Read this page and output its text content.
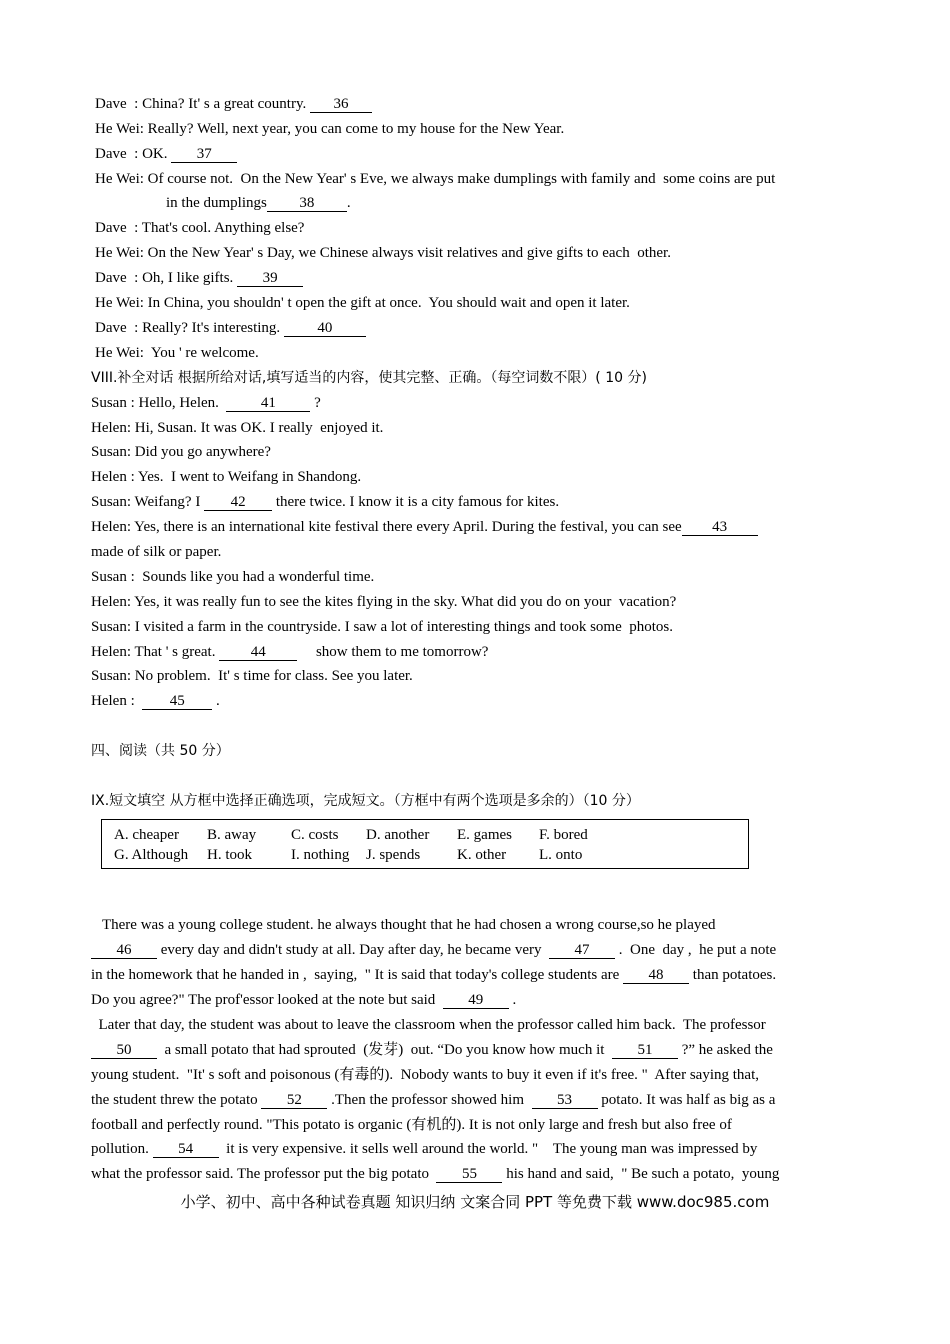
Dave  : China? It' s a great country. 36
He Wei: Really? Well, next year, you can come to my house for the New Year.
Dave  : OK. 37
He Wei: Of course not.  On the New Year' s Eve, we always make dumplings with family and  some coins are put
in the dumplings 38 .
Dave  : That's cool. Anything else?
He Wei: On the New Year' s Day, we Chinese always visit relatives and give gifts to each  other.
Dave  : Oh, I like gifts. 39
He Wei: In China, you shouldn' t open the gift at once.  You should wait and open it later.
Dave  : Really? It's interesting. 40
He Wei:  You ' re welcome.
VIII.补全对话 根据所给对话,填写适当的内容，使其完整、正确。（每空词数不限）( 10 分)
Susan : Hello, Helen.  41 ?
Helen: Hi, Susan. It was OK. I really  enjoyed it.
Susan: Did you go anywhere?
Helen : Yes.  I went to Weifang in Shandong.
Susan: Weifang? I 42 there twice. I know it is a city famous for kites.
Helen: Yes, there is an international kite festival there every April. During the festival, you can see 43
made of silk or paper.
Susan :  Sounds like you had a wonderful time.
Helen: Yes, it was really fun to see the kites flying in the sky. What did you do on your  vacation?
Susan: I visited a farm in the countryside. I saw a lot of interesting things and took some  photos.
Helen: That ' s great. 44     show them to me tomorrow?
Susan: No problem.  It' s time for class. See you later.
Helen :  45 .
四、阅读（共 50 分）
IX.短文填空 从方框中选择正确选项，完成短文。（方框中有两个选项是多余的）（10 分）
A. cheaper B. away C. costs D. another E. games F. bored
G. Although H. took	I. nothing J. spends K. other L. onto
There was a young college student. he always thought that he had chosen a wrong course,so he played
46 every day and didn't study at all. Day after day, he became very  47 .  One  day ,  he put a note
in the homework that he handed in ,  saying,  " It is said that today's college students are 48 than potatoes.
Do you agree?" The prof'essor looked at the note but said  49 .
Later that day, the student was about to leave the classroom when the professor called him back.  The professor
50  a small potato that had sprouted  (发芽)  out. “Do you know how much it  51 ?” he asked the
young student.  "It' s soft and poisonous (有毒的).  Nobody wants to buy it even if it's free. "  After saying that,
the student threw the potato 52 .Then the professor showed him  53 potato. It was half as big as a
football and perfectly round. "This potato is organic (有机的). It is not only large and fresh but also free of
pollution. 54  it is very expensive. it sells well around the world. "    The young man was impressed by
what the professor said. The professor put the big potato  55 his hand and said,  " Be such a potato,  young
小学、初中、高中各种试卷真题 知识归纳 文案合同 PPT 等免费下载 www.doc985.com
